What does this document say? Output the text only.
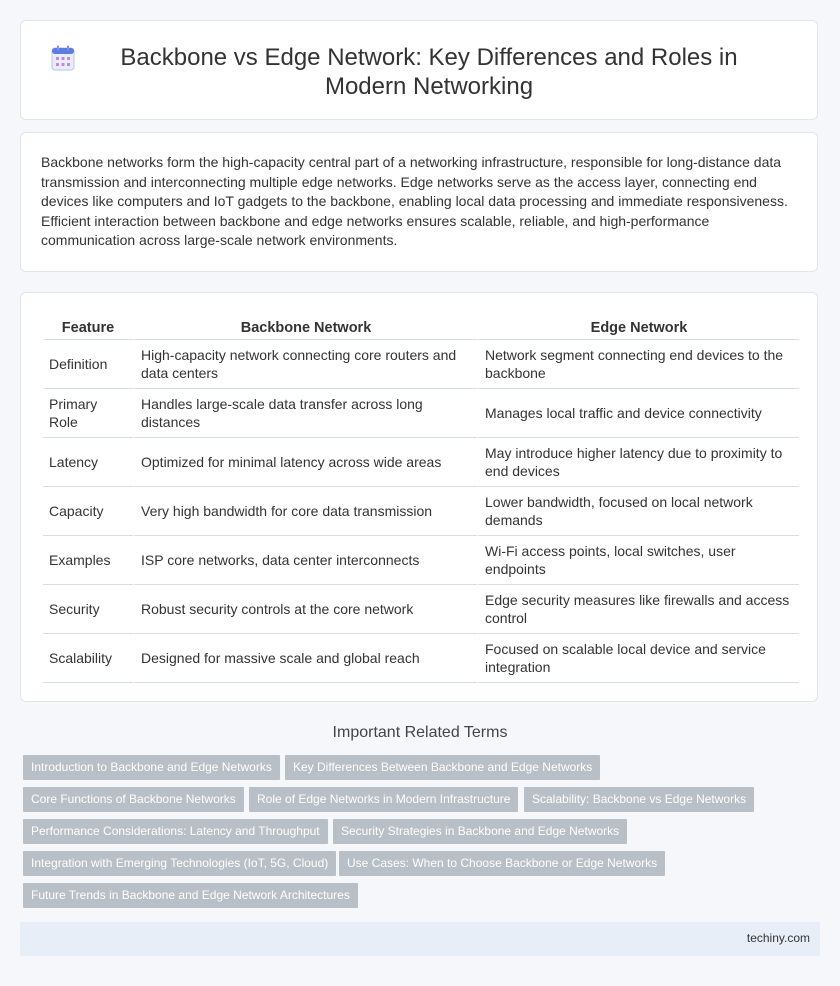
Backbone vs Edge Network: Key Differences and Roles in Modern Networking

Backbone networks form the high-capacity central part of a networking infrastructure, responsible for long-distance data transmission and interconnecting multiple edge networks. Edge networks serve as the access layer, connecting end devices like computers and IoT gadgets to the backbone, enabling local data processing and immediate responsiveness. Efficient interaction between backbone and edge networks ensures scalable, reliable, and high-performance communication across large-scale network environments.

Feature	Backbone Network	Edge Network
Definition	High-capacity network connecting core routers and data centers	Network segment connecting end devices to the backbone
Primary Role	Handles large-scale data transfer across long distances	Manages local traffic and device connectivity
Latency	Optimized for minimal latency across wide areas	May introduce higher latency due to proximity to end devices
Capacity	Very high bandwidth for core data transmission	Lower bandwidth, focused on local network demands
Examples	ISP core networks, data center interconnects	Wi-Fi access points, local switches, user endpoints
Security	Robust security controls at the core network	Edge security measures like firewalls and access control
Scalability	Designed for massive scale and global reach	Focused on scalable local device and service integration
Important Related Terms
Introduction to Backbone and Edge Networks	Key Differences Between Backbone and Edge Networks
Core Functions of Backbone Networks	Role of Edge Networks in Modern Infrastructure	Scalability: Backbone vs Edge Networks
Performance Considerations: Latency and Throughput	Security Strategies in Backbone and Edge Networks
Integration with Emerging Technologies (IoT, 5G, Cloud)	Use Cases: When to Choose Backbone or Edge Networks
Future Trends in Backbone and Edge Network Architectures
techiny.com
